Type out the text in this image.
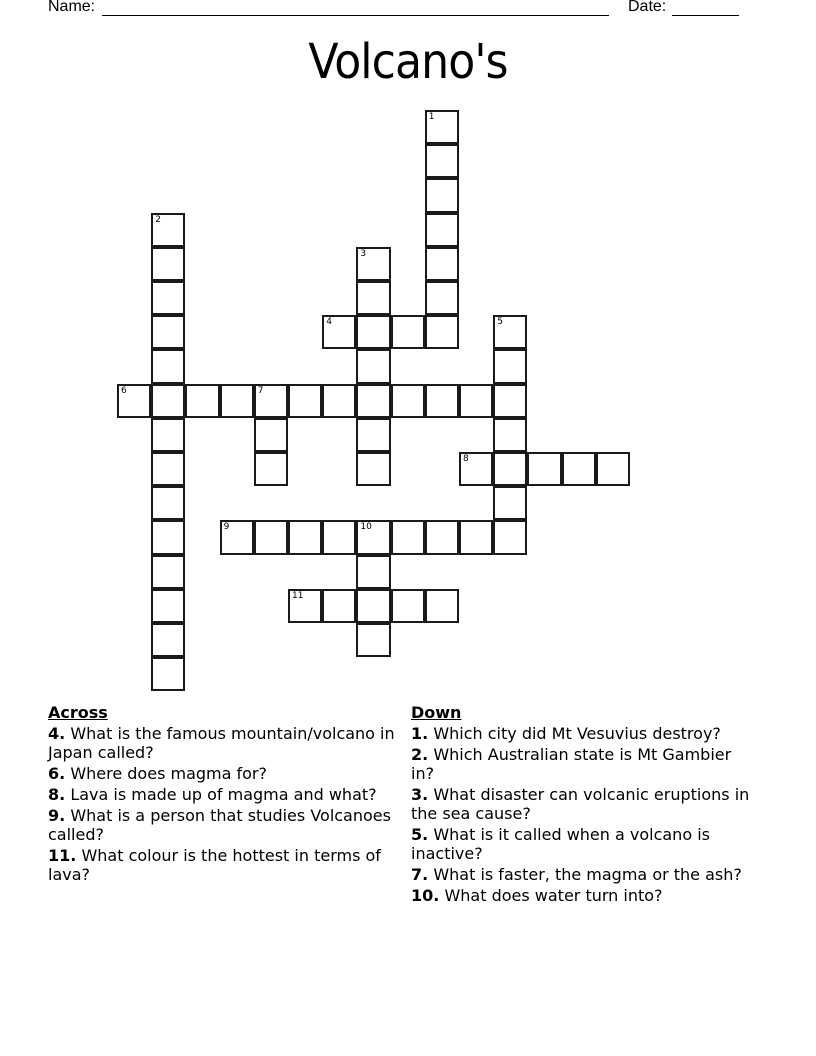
Name:	Date:
Volcano's
1
2
3
4	5
6	7
8
9	10
11
Across
4. What is the famous mountain/volcano in Japan called?
6. Where does magma for?
8. Lava is made up of magma and what?
9. What is a person that studies Volcanoes called?
11. What colour is the hottest in terms of lava?
Down
1. Which city did Mt Vesuvius destroy?
2. Which Australian state is Mt Gambier in?
3. What disaster can volcanic eruptions in the sea cause?
5. What is it called when a volcano is inactive?
7. What is faster, the magma or the ash?
10. What does water turn into?
